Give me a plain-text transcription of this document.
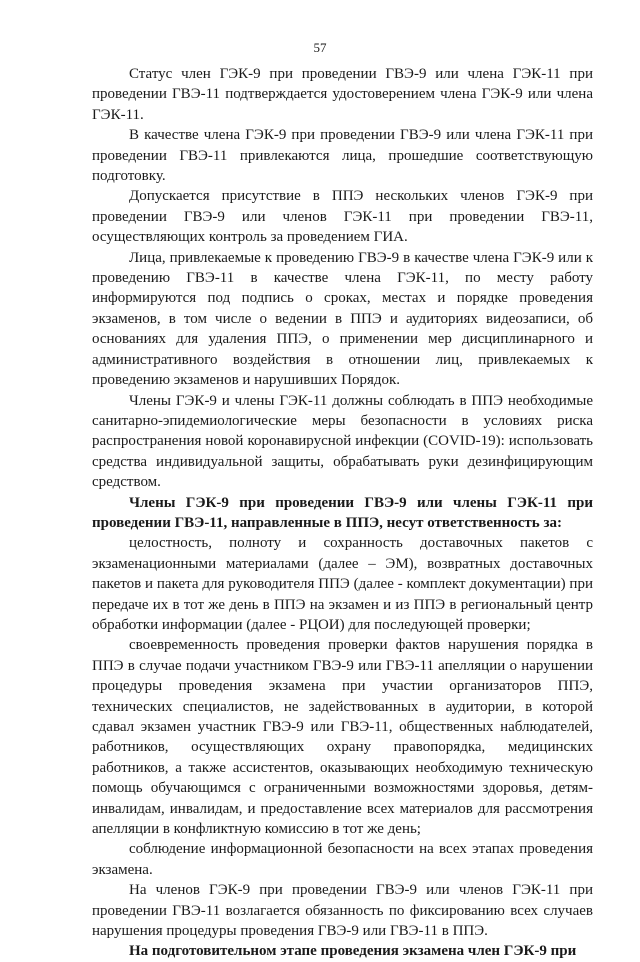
57

Статус член ГЭК-9 при проведении ГВЭ-9 или члена ГЭК-11 при проведении ГВЭ-11 подтверждается удостоверением члена ГЭК-9 или члена ГЭК-11.

В качестве члена ГЭК-9 при проведении ГВЭ-9 или члена ГЭК-11 при проведении ГВЭ-11 привлекаются лица, прошедшие соответствующую подготовку.

Допускается присутствие в ППЭ нескольких членов ГЭК-9 при проведении ГВЭ-9 или членов ГЭК-11 при проведении ГВЭ-11, осуществляющих контроль за проведением ГИА.

Лица, привлекаемые к проведению ГВЭ-9 в качестве члена ГЭК-9 или к проведению ГВЭ-11 в качестве члена ГЭК-11, по месту работу информируются под подпись о сроках, местах и порядке проведения экзаменов, в том числе о ведении в ППЭ и аудиториях видеозаписи, об основаниях для удаления ППЭ, о применении мер дисциплинарного и административного воздействия в отношении лиц, привлекаемых к проведению экзаменов и нарушивших Порядок.

Члены ГЭК-9 и члены ГЭК-11 должны соблюдать в ППЭ необходимые санитарно-эпидемиологические меры безопасности в условиях риска распространения новой коронавирусной инфекции (COVID-19): использовать средства индивидуальной защиты, обрабатывать руки дезинфицирующим средством.

Члены ГЭК-9 при проведении ГВЭ-9 или члены ГЭК-11 при проведении ГВЭ-11, направленные в ППЭ, несут ответственность за:

целостность, полноту и сохранность доставочных пакетов с экзаменационными материалами (далее – ЭМ), возвратных доставочных пакетов и пакета для руководителя ППЭ (далее - комплект документации) при передаче их в тот же день в ППЭ на экзамен и из ППЭ в региональный центр обработки информации (далее - РЦОИ) для последующей проверки;

своевременность проведения проверки фактов нарушения порядка в ППЭ в случае подачи участником ГВЭ-9 или ГВЭ-11 апелляции о нарушении процедуры проведения экзамена при участии организаторов ППЭ, технических специалистов, не задействованных в аудитории, в которой сдавал экзамен участник ГВЭ-9 или ГВЭ-11, общественных наблюдателей, работников, осуществляющих охрану правопорядка, медицинских работников, а также ассистентов, оказывающих необходимую техническую помощь обучающимся с ограниченными возможностями здоровья, детям-инвалидам, инвалидам, и предоставление всех материалов для рассмотрения апелляции в конфликтную комиссию в тот же день;

соблюдение информационной безопасности на всех этапах проведения экзамена.

На членов ГЭК-9 при проведении ГВЭ-9 или членов ГЭК-11 при проведении ГВЭ-11 возлагается обязанность по фиксированию всех случаев нарушения процедуры проведения ГВЭ-9 или ГВЭ-11 в ППЭ.

На подготовительном этапе проведения экзамена член ГЭК-9 при
